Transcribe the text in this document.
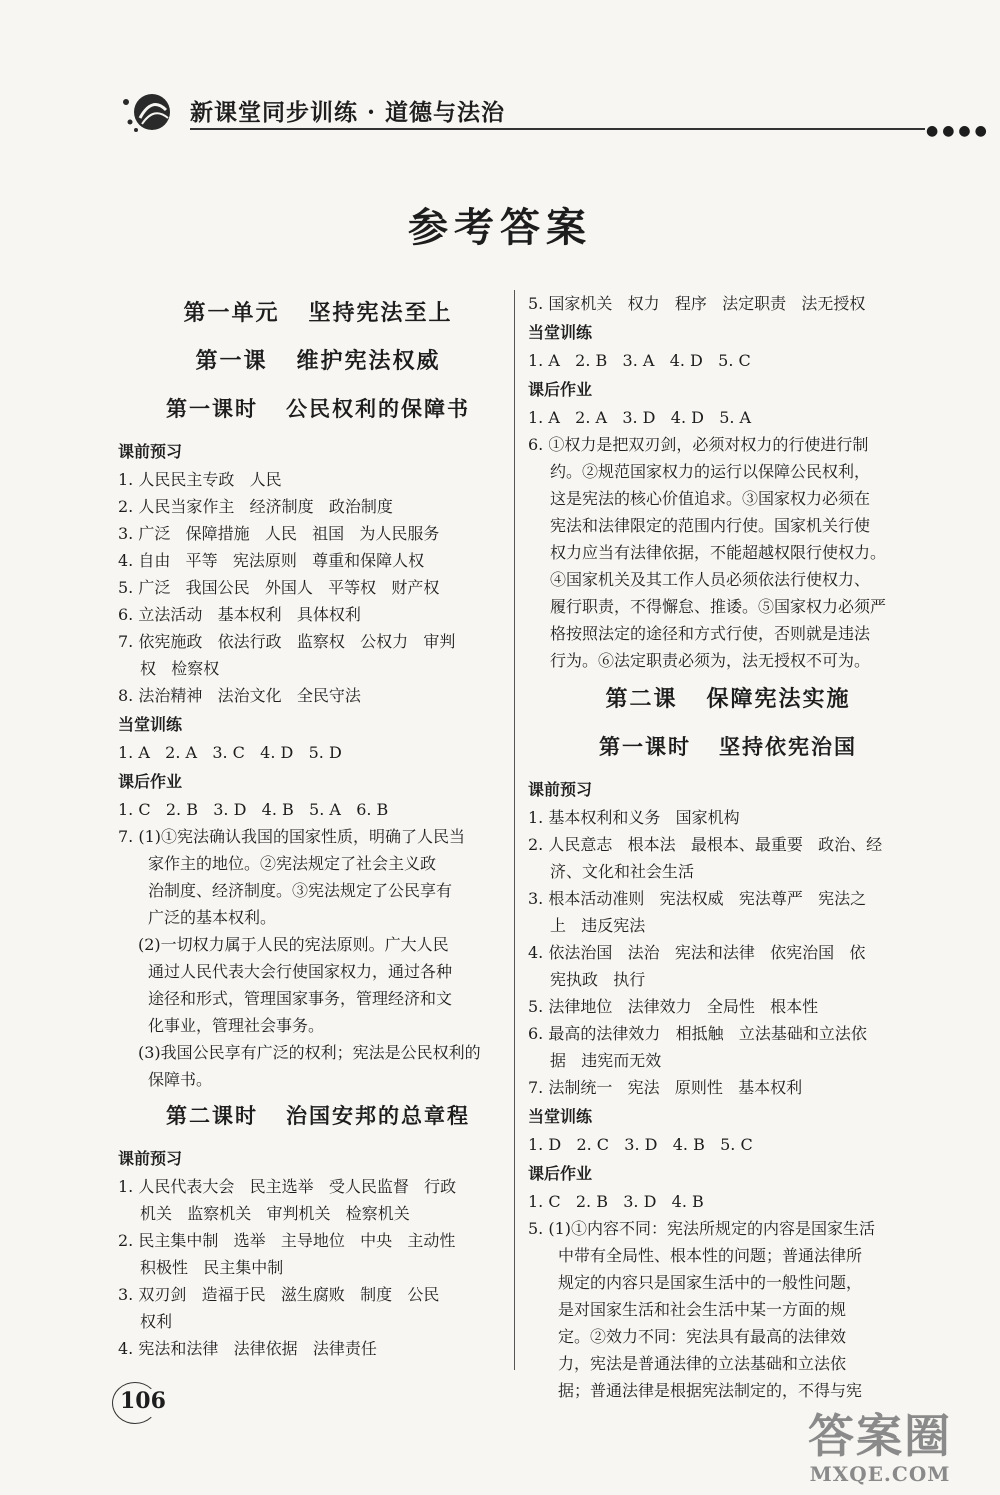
新课堂同步训练 · 道德与法治
●●●●
参考答案
第一单元   坚持宪法至上
第一课   维护宪法权威
第一课时   公民权利的保障书
课前预习
1. 人民民主专政   人民
2. 人民当家作主   经济制度   政治制度
3. 广泛   保障措施   人民   祖国   为人民服务
4. 自由   平等   宪法原则   尊重和保障人权
5. 广泛   我国公民   外国人   平等权   财产权
6. 立法活动   基本权利   具体权利
7. 依宪施政   依法行政   监察权   公权力   审判
权   检察权
8. 法治精神   法治文化   全民守法
当堂训练
1. A   2. A   3. C   4. D   5. D
课后作业
1. C   2. B   3. D   4. B   5. A   6. B
7. (1)①宪法确认我国的国家性质，明确了人民当
家作主的地位。②宪法规定了社会主义政
治制度、经济制度。③宪法规定了公民享有
广泛的基本权利。
(2)一切权力属于人民的宪法原则。广大人民
通过人民代表大会行使国家权力，通过各种
途径和形式，管理国家事务，管理经济和文
化事业，管理社会事务。
(3)我国公民享有广泛的权利；宪法是公民权利的
保障书。
第二课时   治国安邦的总章程
课前预习
1. 人民代表大会   民主选举   受人民监督   行政
机关   监察机关   审判机关   检察机关
2. 民主集中制   选举   主导地位   中央   主动性
积极性   民主集中制
3. 双刃剑   造福于民   滋生腐败   制度   公民
权利
4. 宪法和法律   法律依据   法律责任
5. 国家机关   权力   程序   法定职责   法无授权
当堂训练
1. A   2. B   3. A   4. D   5. C
课后作业
1. A   2. A   3. D   4. D   5. A
6. ①权力是把双刃剑，必须对权力的行使进行制
约。②规范国家权力的运行以保障公民权利，
这是宪法的核心价值追求。③国家权力必须在
宪法和法律限定的范围内行使。国家机关行使
权力应当有法律依据，不能超越权限行使权力。
④国家机关及其工作人员必须依法行使权力、
履行职责，不得懈怠、推诿。⑤国家权力必须严
格按照法定的途径和方式行使，否则就是违法
行为。⑥法定职责必须为，法无授权不可为。
第二课   保障宪法实施
第一课时   坚持依宪治国
课前预习
1. 基本权利和义务   国家机构
2. 人民意志   根本法   最根本、最重要   政治、经
济、文化和社会生活
3. 根本活动准则   宪法权威   宪法尊严   宪法之
上   违反宪法
4. 依法治国   法治   宪法和法律   依宪治国   依
宪执政   执行
5. 法律地位   法律效力   全局性   根本性
6. 最高的法律效力   相抵触   立法基础和立法依
据   违宪而无效
7. 法制统一   宪法   原则性   基本权利
当堂训练
1. D   2. C   3. D   4. B   5. C
课后作业
1. C   2. B   3. D   4. B
5. (1)①内容不同：宪法所规定的内容是国家生活
中带有全局性、根本性的问题；普通法律所
规定的内容只是国家生活中的一般性问题，
是对国家生活和社会生活中某一方面的规
定。②效力不同：宪法具有最高的法律效
力，宪法是普通法律的立法基础和立法依
据；普通法律是根据宪法制定的，不得与宪
106
答案圈
MXQE.COM
